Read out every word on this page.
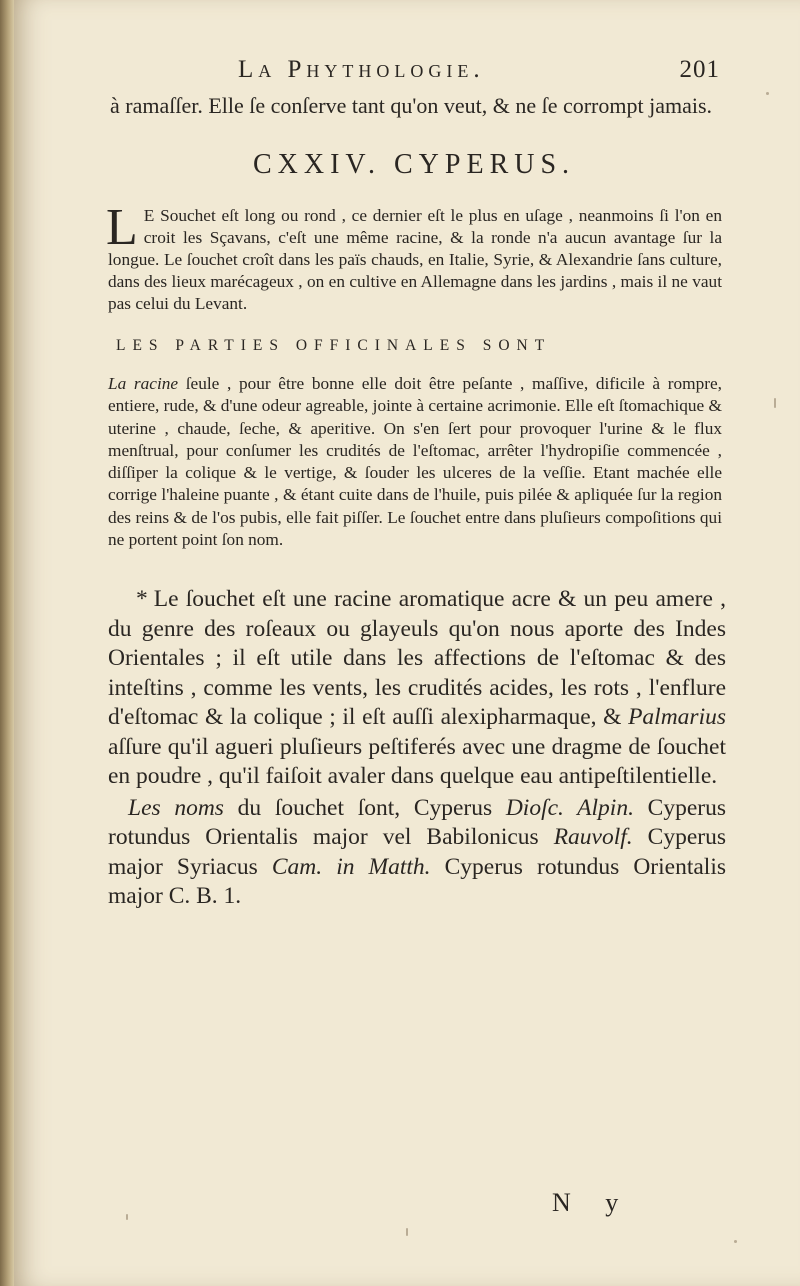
La Phythologie.	201

à ramaſſer. Elle ſe conſerve tant qu'on veut, & ne ſe corrompt jamais.

CXXIV. CYPERUS.

L E Souchet eſt long ou rond , ce dernier eſt le plus en uſage , neanmoins ſi l'on en croit les Sçavans, c'eſt une même racine, & la ronde n'a aucun avantage ſur la longue. Le ſouchet croît dans les païs chauds, en Italie, Syrie, & Alexandrie ſans culture, dans des lieux marécageux , on en cultive en Allemagne dans les jardins , mais il ne vaut pas celui du Levant.

LES PARTIES OFFICINALES SONT

La racine ſeule , pour être bonne elle doit être peſante , maſſive, dificile à rompre, entiere, rude, & d'une odeur agreable, jointe à certaine acrimonie. Elle eſt ſtomachique & uterine , chaude, ſeche, & aperitive. On s'en ſert pour provoquer l'urine & le flux menſtrual, pour conſumer les crudités de l'eſtomac, arrêter l'hydropiſie commencée , diſſiper la colique & le vertige, & ſouder les ulceres de la veſſie. Etant machée elle corrige l'haleine puante , & étant cuite dans de l'huile, puis pilée & apliquée ſur la region des reins & de l'os pubis, elle fait piſſer. Le ſouchet entre dans pluſieurs compoſitions qui ne portent point ſon nom.

* Le ſouchet eſt une racine aromatique acre & un peu amere , du genre des roſeaux ou glayeuls qu'on nous aporte des Indes Orientales ; il eſt utile dans les affections de l'eſtomac & des inteſtins , comme les vents, les crudités acides, les rots , l'enflure d'eſtomac & la colique ; il eſt auſſi alexipharmaque, & Palmarius aſſure qu'il agueri pluſieurs peſtiferés avec une dragme de ſouchet en poudre , qu'il faiſoit avaler dans quelque eau antipeſtilentielle.

Les noms du ſouchet ſont, Cyperus Dioſc. Alpin. Cyperus rotundus Orientalis major vel Babilonicus Rauvolf. Cyperus major Syriacus Cam. in Matth. Cyperus rotundus Orientalis major C. B. 1.

N y
